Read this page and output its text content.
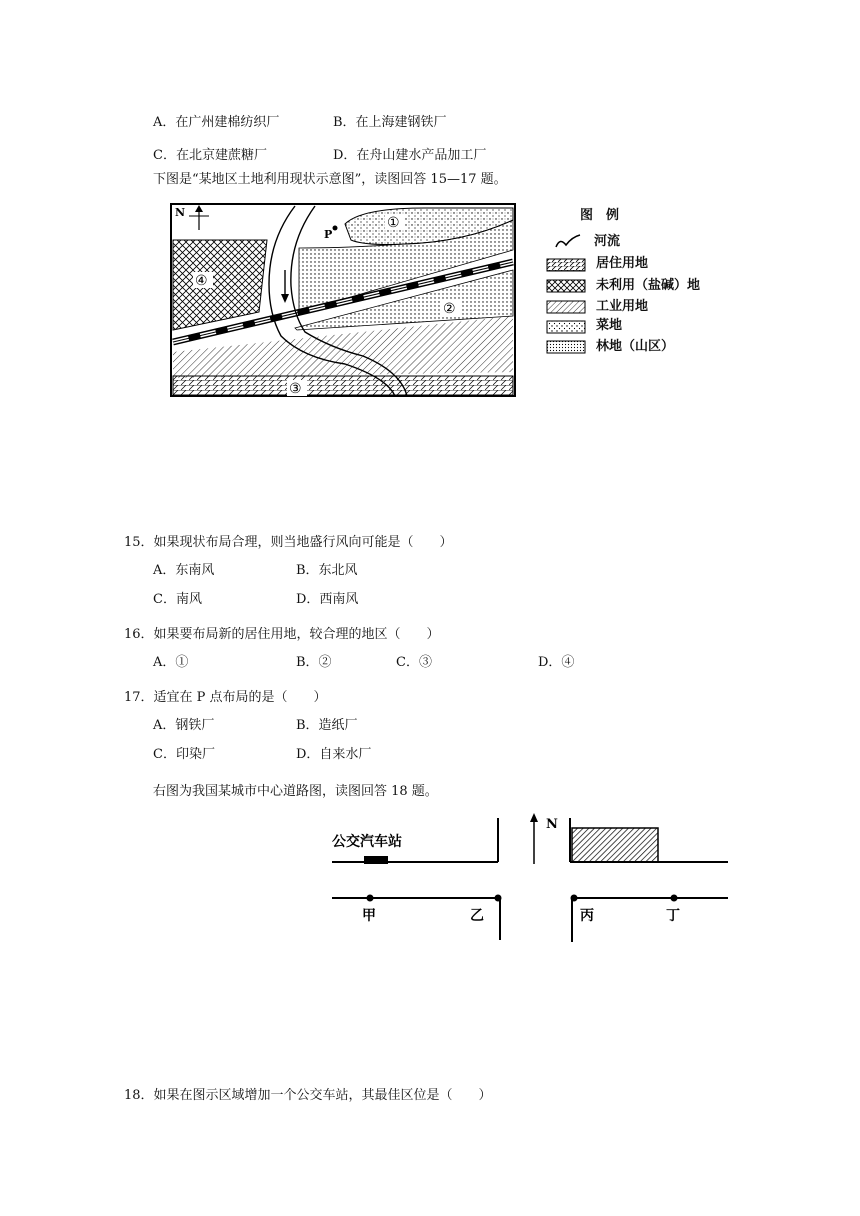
A．在广州建棉纺织厂	B．在上海建钢铁厂
C．在北京建蔗糖厂	D．在舟山建水产品加工厂
下图是“某地区土地利用现状示意图”，读图回答 15—17 题。
N
P
①
②
③
④
图　例
河流
居住用地
未利用（盐碱）地
工业用地
菜地
林地（山区）
15．如果现状布局合理，则当地盛行风向可能是（　　）
A．东南风	B．东北风
C．南风	D．西南风
16．如果要布局新的居住用地，较合理的地区（　　）
A．①	B．②	C．③	D．④
17．适宜在 P 点布局的是（　　）
A．钢铁厂	B．造纸厂
C．印染厂	D．自来水厂
右图为我国某城市中心道路图，读图回答 18 题。
N
公交汽车站
甲	乙	丙	丁
18．如果在图示区域增加一个公交车站，其最佳区位是（　　）
